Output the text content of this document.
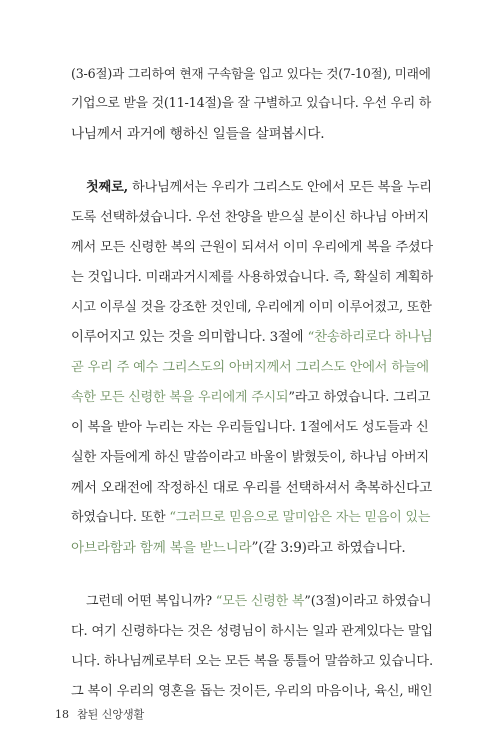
(3-6절)과 그리하여 현재 구속함을 입고 있다는 것(7-10절), 미래에
기업으로 받을 것(11-14절)을 잘 구별하고 있습니다. 우선 우리 하
나님께서 과거에 행하신 일들을 살펴봅시다.
첫째로, 하나님께서는 우리가 그리스도 안에서 모든 복을 누리
도록 선택하셨습니다. 우선 찬양을 받으실 분이신 하나님 아버지
께서 모든 신령한 복의 근원이 되셔서 이미 우리에게 복을 주셨다
는 것입니다. 미래과거시제를 사용하였습니다. 즉, 확실히 계획하
시고 이루실 것을 강조한 것인데, 우리에게 이미 이루어졌고, 또한
이루어지고 있는 것을 의미합니다. 3절에 “찬송하리로다 하나님
곧 우리 주 예수 그리스도의 아버지께서 그리스도 안에서 하늘에
속한 모든 신령한 복을 우리에게 주시되”라고 하였습니다. 그리고
이 복을 받아 누리는 자는 우리들입니다. 1절에서도 성도들과 신
실한 자들에게 하신 말씀이라고 바울이 밝혔듯이, 하나님 아버지
께서 오래전에 작정하신 대로 우리를 선택하셔서 축복하신다고
하였습니다. 또한 “그러므로 믿음으로 말미암은 자는 믿음이 있는
아브라함과 함께 복을 받느니라”(갈 3:9)라고 하였습니다.
그런데 어떤 복입니까? “모든 신령한 복”(3절)이라고 하였습니
다. 여기 신령하다는 것은 성령님이 하시는 일과 관계있다는 말입
니다. 하나님께로부터 오는 모든 복을 통틀어 말씀하고 있습니다.
그 복이 우리의 영혼을 돕는 것이든, 우리의 마음이나, 육신, 배인
18 참된 신앙생활
